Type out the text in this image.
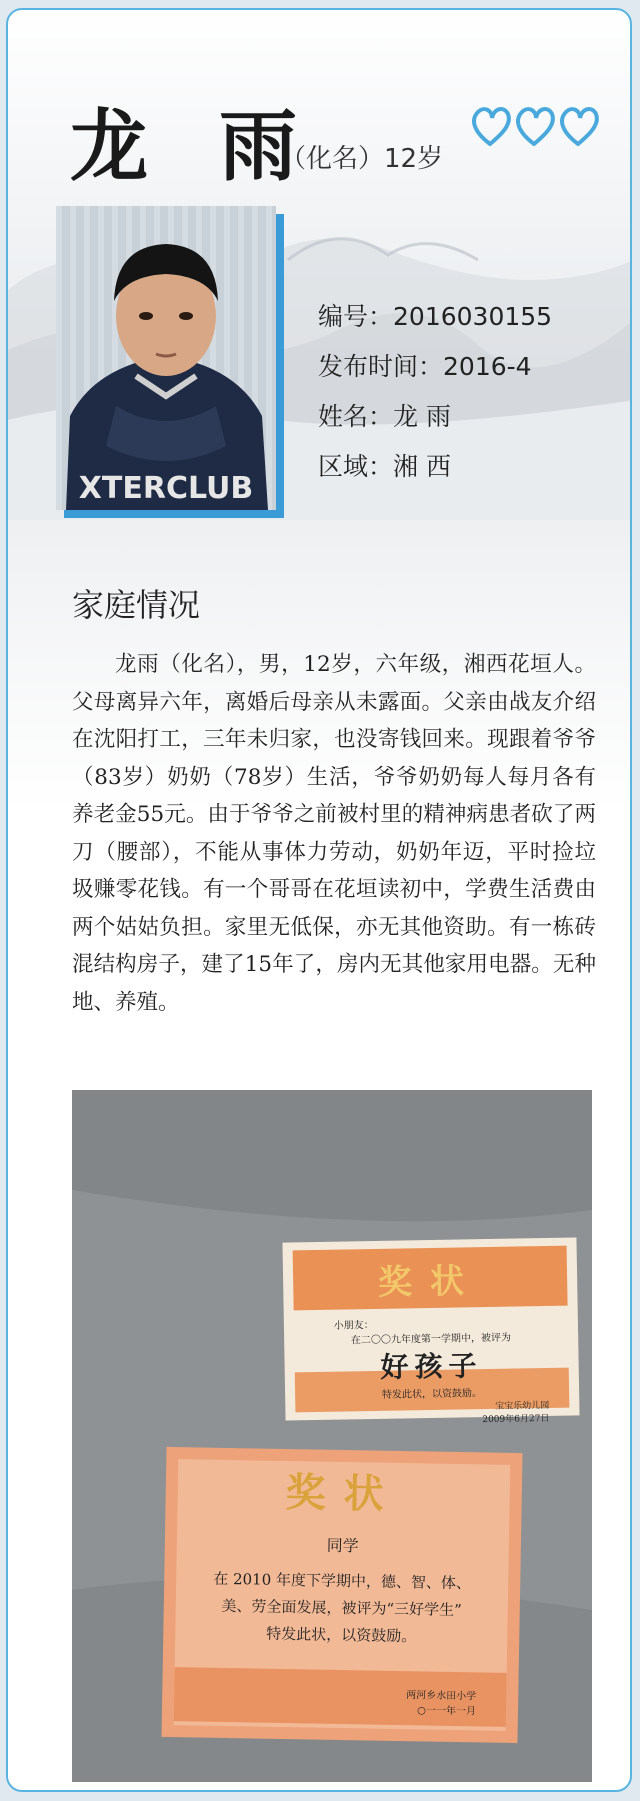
龙 雨
（化名）12岁
XTERCLUB
编号：2016030155
发布时间：2016-4
姓名：龙 雨
区域：湘 西
家庭情况
龙雨（化名），男，12岁，六年级，湘西花垣人。父母离异六年，离婚后母亲从未露面。父亲由战友介绍在沈阳打工，三年未归家，也没寄钱回来。现跟着爷爷（83岁）奶奶（78岁）生活，爷爷奶奶每人每月各有养老金55元。由于爷爷之前被村里的精神病患者砍了两刀（腰部），不能从事体力劳动，奶奶年迈，平时捡垃圾赚零花钱。有一个哥哥在花垣读初中，学费生活费由两个姑姑负担。家里无低保，亦无其他资助。有一栋砖混结构房子，建了15年了，房内无其他家用电器。无种地、养殖。
奖状
小朋友：
在二〇〇九年度第一学期中，被评为
好孩子
特发此状，以资鼓励。
宝宝乐幼儿园
2009年6月27日
奖状
同学
在 2010 年度下学期中，德、智、体、
美、劳全面发展，被评为“三好学生”
特发此状，以资鼓励。
两河乡水田小学
○一一年一月
